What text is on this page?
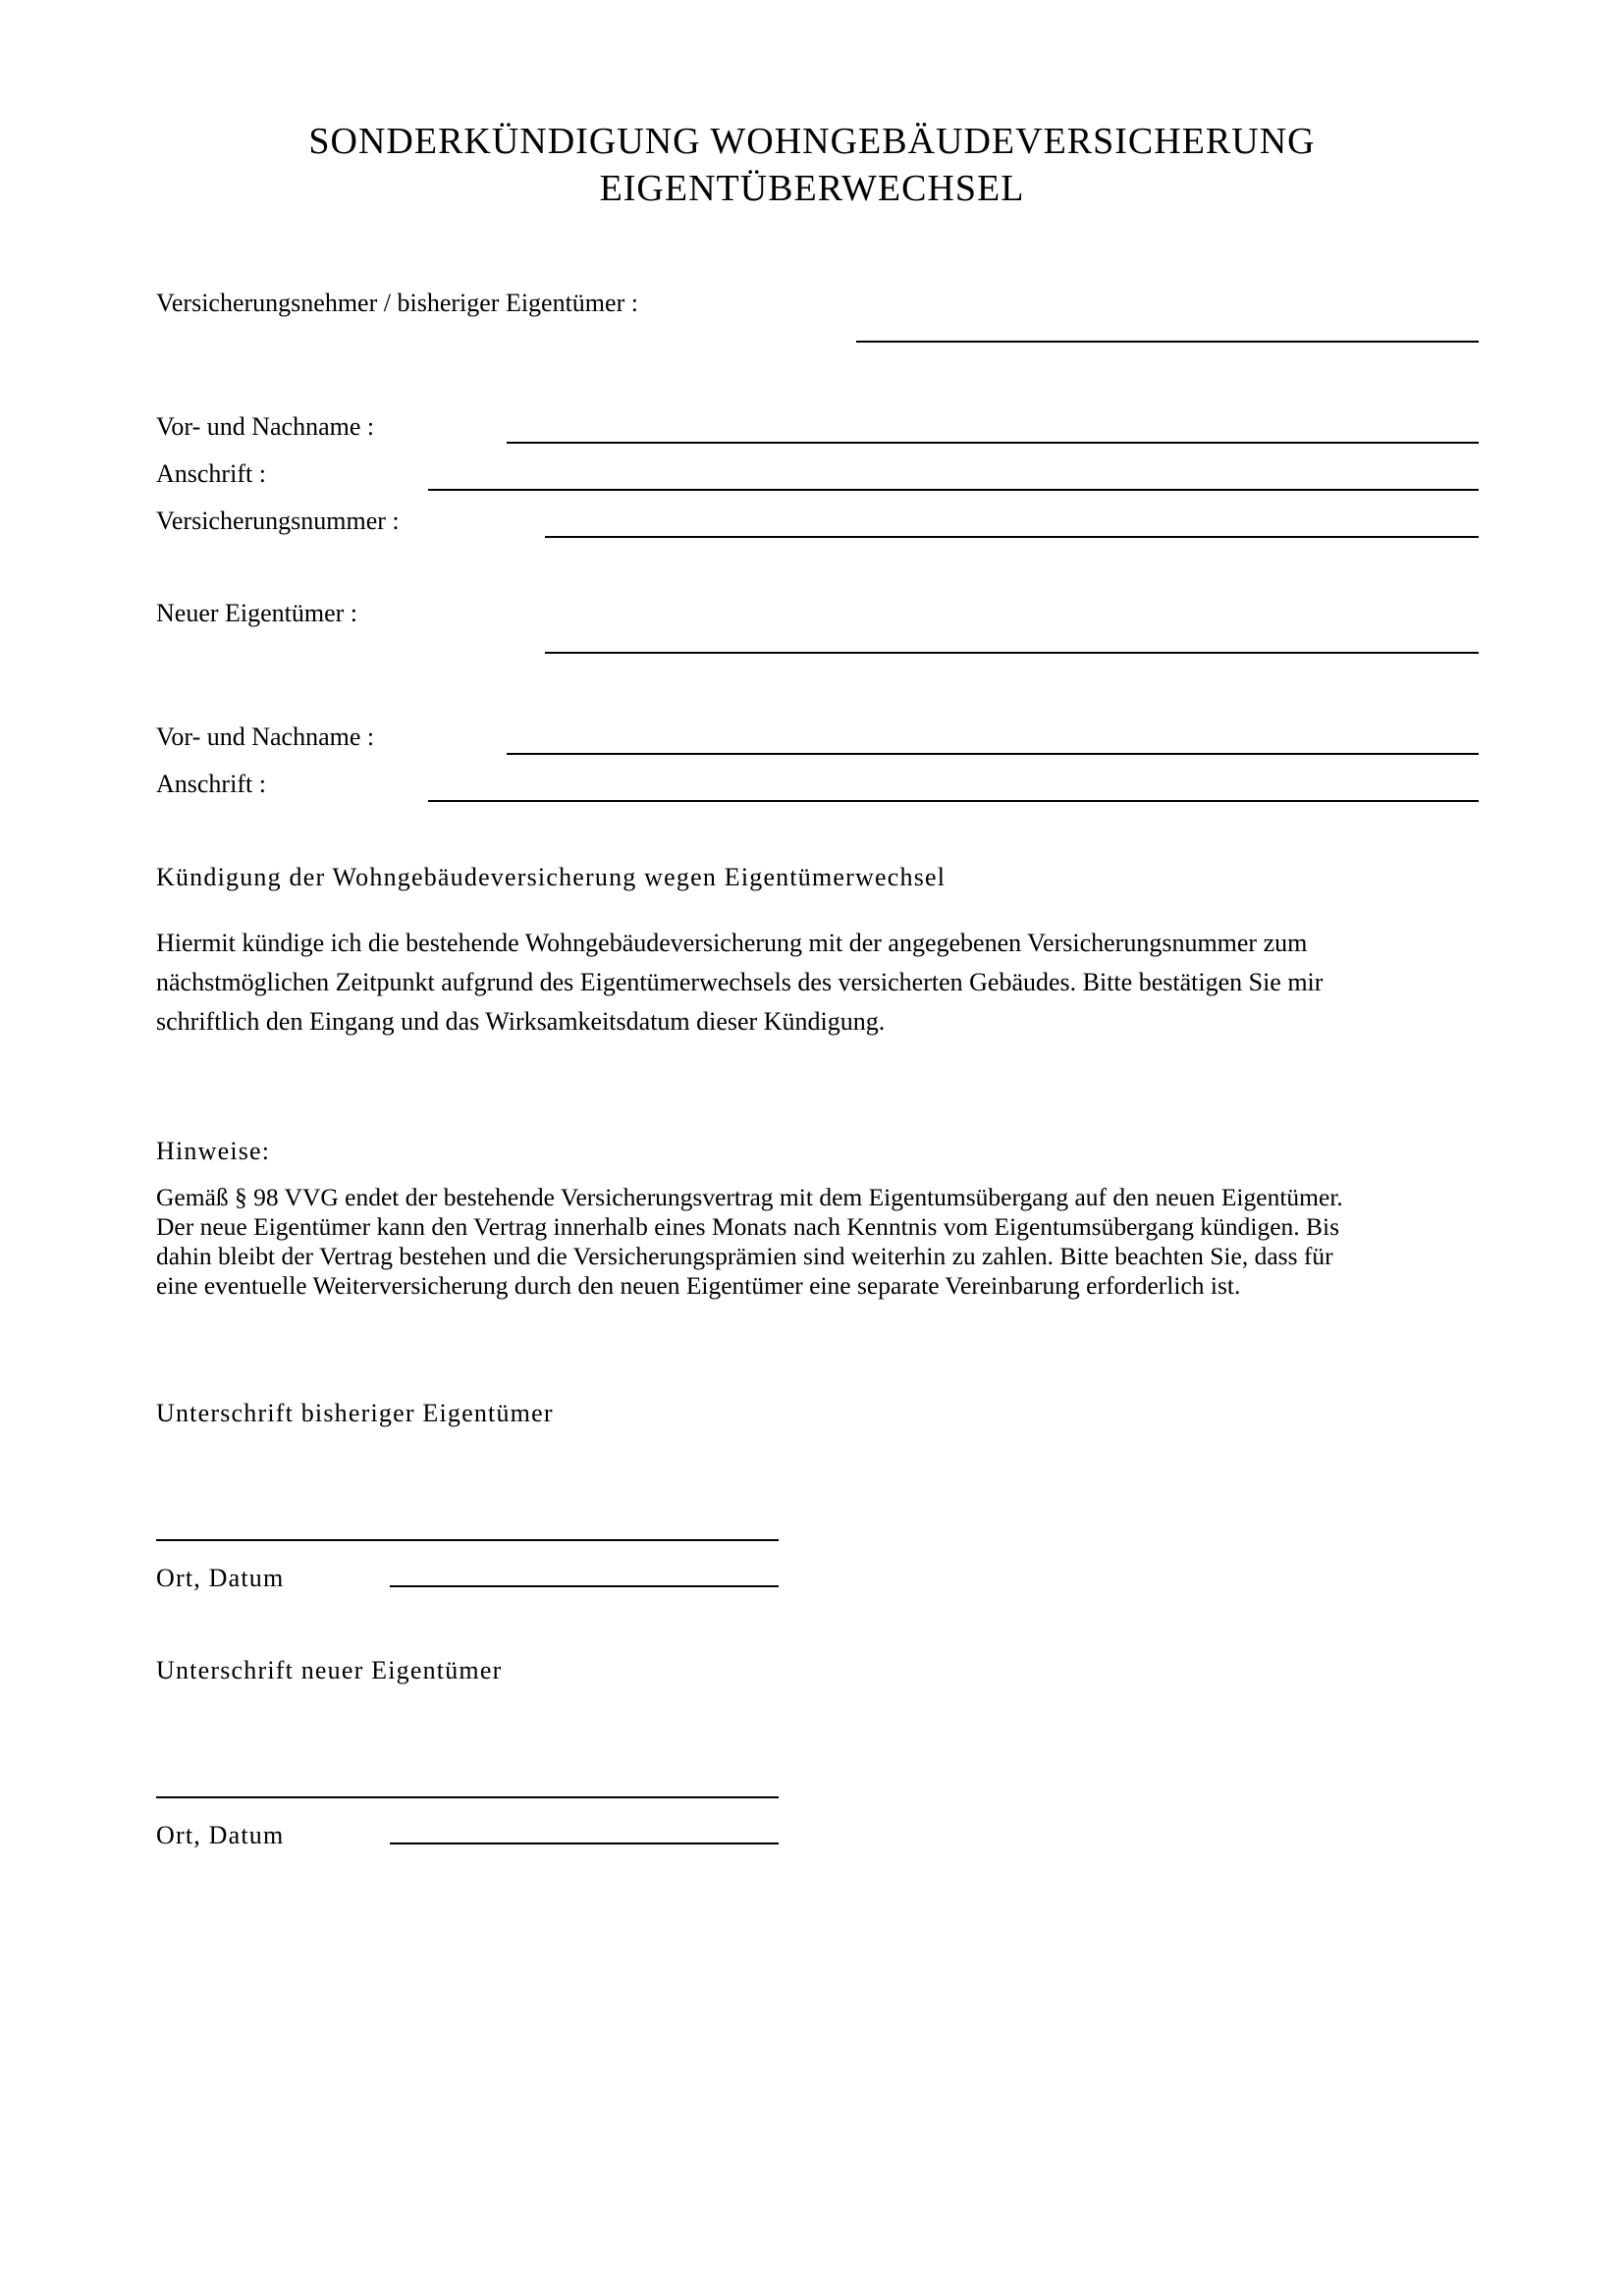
SONDERKÜNDIGUNG WOHNGEBÄUDEVERSICHERUNG
EIGENTÜBERWECHSEL
Versicherungsnehmer / bisheriger Eigentümer :
Vor- und Nachname :
Anschrift :
Versicherungsnummer :
Neuer Eigentümer :
Vor- und Nachname :
Anschrift :
Kündigung der Wohngebäudeversicherung wegen Eigentümerwechsel
Hiermit kündige ich die bestehende Wohngebäudeversicherung mit der angegebenen Versicherungsnummer zum
nächstmöglichen Zeitpunkt aufgrund des Eigentümerwechsels des versicherten Gebäudes. Bitte bestätigen Sie mir
schriftlich den Eingang und das Wirksamkeitsdatum dieser Kündigung.
Hinweise:
Gemäß § 98 VVG endet der bestehende Versicherungsvertrag mit dem Eigentumsübergang auf den neuen Eigentümer.
Der neue Eigentümer kann den Vertrag innerhalb eines Monats nach Kenntnis vom Eigentumsübergang kündigen. Bis
dahin bleibt der Vertrag bestehen und die Versicherungsprämien sind weiterhin zu zahlen. Bitte beachten Sie, dass für
eine eventuelle Weiterversicherung durch den neuen Eigentümer eine separate Vereinbarung erforderlich ist.
Unterschrift bisheriger Eigentümer
Ort, Datum
Unterschrift neuer Eigentümer
Ort, Datum
